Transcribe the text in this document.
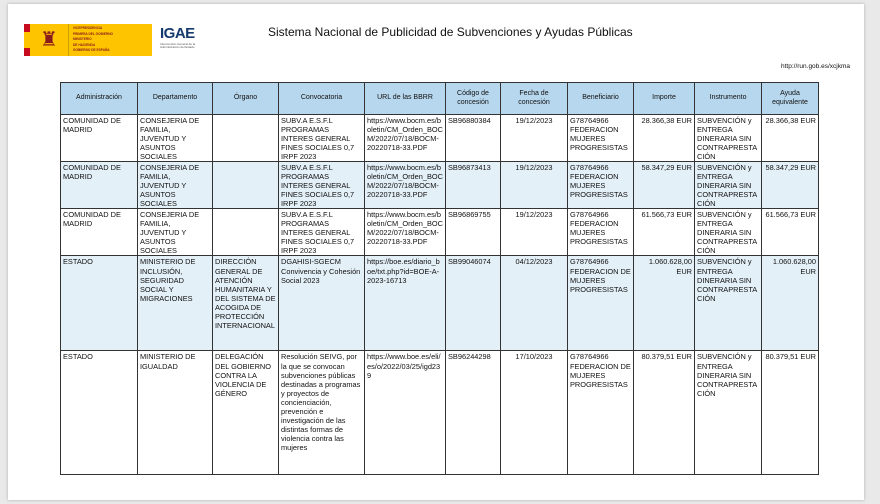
♜
VICEPRESIDENCIA
PRIMERA DEL GOBIERNO
MINISTERIO
DE HACIENDA
GOBIERNO DE ESPAÑA
IGAE
Intervención General de la Administración del Estado
Sistema Nacional de Publicidad de Subvenciones y Ayudas Públicas
http://run.gob.es/xcjkma
Administración	Departamento	Órgano	Convocatoria	URL de las BBRR	Código de concesión	Fecha de concesión	Beneficiario	Importe	Instrumento	Ayuda equivalente
COMUNIDAD DE MADRID	CONSEJERIA DE FAMILIA, JUVENTUD Y ASUNTOS SOCIALES		SUBV.A E.S.F.L PROGRAMAS INTERES GENERAL FINES SOCIALES 0,7 IRPF 2023	https://www.bocm.es/boletin/CM_Orden_BOCM/2022/07/18/BOCM-20220718-33.PDF	SB96880384	19/12/2023	G78764966 FEDERACION MUJERES PROGRESISTAS	28.366,38 EUR	SUBVENCIÓN y ENTREGA DINERARIA SIN CONTRAPRESTACIÓN	28.366,38 EUR
COMUNIDAD DE MADRID	CONSEJERIA DE FAMILIA, JUVENTUD Y ASUNTOS SOCIALES		SUBV.A E.S.F.L PROGRAMAS INTERES GENERAL FINES SOCIALES 0,7 IRPF 2023	https://www.bocm.es/boletin/CM_Orden_BOCM/2022/07/18/BOCM-20220718-33.PDF	SB96873413	19/12/2023	G78764966 FEDERACION MUJERES PROGRESISTAS	58.347,29 EUR	SUBVENCIÓN y ENTREGA DINERARIA SIN CONTRAPRESTACIÓN	58.347,29 EUR
COMUNIDAD DE MADRID	CONSEJERIA DE FAMILIA, JUVENTUD Y ASUNTOS SOCIALES		SUBV.A E.S.F.L PROGRAMAS INTERES GENERAL FINES SOCIALES 0,7 IRPF 2023	https://www.bocm.es/boletin/CM_Orden_BOCM/2022/07/18/BOCM-20220718-33.PDF	SB96869755	19/12/2023	G78764966 FEDERACION MUJERES PROGRESISTAS	61.566,73 EUR	SUBVENCIÓN y ENTREGA DINERARIA SIN CONTRAPRESTACIÓN	61.566,73 EUR
ESTADO	MINISTERIO DE INCLUSIÓN, SEGURIDAD SOCIAL Y MIGRACIONES	DIRECCIÓN GENERAL DE ATENCIÓN HUMANITARIA Y DEL SISTEMA DE ACOGIDA DE PROTECCIÓN INTERNACIONAL	DGAHISI-SGECM Convivencia y Cohesión Social 2023	https://boe.es/diario_boe/txt.php?id=BOE-A-2023-16713	SB99046074	04/12/2023	G78764966 FEDERACION DE MUJERES PROGRESISTAS	1.060.628,00 EUR	SUBVENCIÓN y ENTREGA DINERARIA SIN CONTRAPRESTACIÓN	1.060.628,00 EUR
ESTADO	MINISTERIO DE IGUALDAD	DELEGACIÓN DEL GOBIERNO CONTRA LA VIOLENCIA DE GÉNERO	Resolución SEIVG, por la que se convocan subvenciones públicas destinadas a programas y proyectos de concienciación, prevención e investigación de las distintas formas de violencia contra las mujeres	https://www.boe.es/eli/es/o/2022/03/25/igd239	SB96244298	17/10/2023	G78764966 FEDERACION DE MUJERES PROGRESISTAS	80.379,51 EUR	SUBVENCIÓN y ENTREGA DINERARIA SIN CONTRAPRESTACIÓN	80.379,51 EUR
